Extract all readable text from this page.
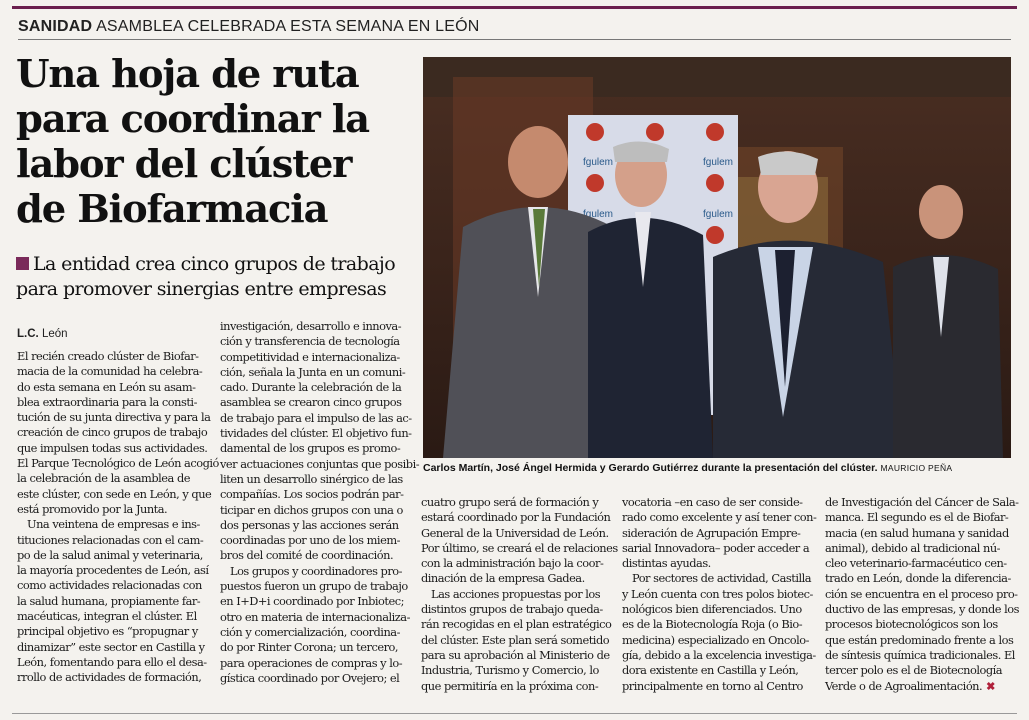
SANIDAD ASAMBLEA CELEBRADA ESTA SEMANA EN LEÓN
Una hoja de ruta
para coordinar la
labor del clúster
de Biofarmacia
La entidad crea cinco grupos de trabajo
para promover sinergias entre empresas
L.C. León
El recién creado clúster de Biofar-
macia de la comunidad ha celebra-
do esta semana en León su asam-
blea extraordinaria para la consti-
tución de su junta directiva y para la
creación de cinco grupos de trabajo
que impulsen todas sus actividades.
El Parque Tecnológico de León acogió
la celebración de la asamblea de
este clúster, con sede en León, y que
está promovido por la Junta.
Una veintena de empresas e ins-
tituciones relacionadas con el cam-
po de la salud animal y veterinaria,
la mayoría procedentes de León, así
como actividades relacionadas con
la salud humana, propiamente far-
macéuticas, integran el clúster. El
principal objetivo es “propugnar y
dinamizar” este sector en Castilla y
León, fomentando para ello el desa-
rrollo de actividades de formación,
investigación, desarrollo e innova-
ción y transferencia de tecnología
competitividad e internacionaliza-
ción, señala la Junta en un comuni-
cado. Durante la celebración de la
asamblea se crearon cinco grupos
de trabajo para el impulso de las ac-
tividades del clúster. El objetivo fun-
damental de los grupos es promo-
ver actuaciones conjuntas que posibi-
liten un desarrollo sinérgico de las
compañías. Los socios podrán par-
ticipar en dichos grupos con una o
dos personas y las acciones serán
coordinadas por uno de los miem-
bros del comité de coordinación.
Los grupos y coordinadores pro-
puestos fueron un grupo de trabajo
en I+D+i coordinado por Inbiotec;
otro en materia de internacionaliza-
ción y comercialización, coordina-
do por Rinter Corona; un tercero,
para operaciones de compras y lo-
gística coordinado por Ovejero; el
cuatro grupo será de formación y
estará coordinado por la Fundación
General de la Universidad de León.
Por último, se creará el de relaciones
con la administración bajo la coor-
dinación de la empresa Gadea.
Las acciones propuestas por los
distintos grupos de trabajo queda-
rán recogidas en el plan estratégico
del clúster. Este plan será sometido
para su aprobación al Ministerio de
Industria, Turismo y Comercio, lo
que permitiría en la próxima con-
vocatoria –en caso de ser conside-
rado como excelente y así tener con-
sideración de Agrupación Empre-
sarial Innovadora– poder acceder a
distintas ayudas.
Por sectores de actividad, Castilla
y León cuenta con tres polos biotec-
nológicos bien diferenciados. Uno
es de la Biotecnología Roja (o Bio-
medicina) especializado en Oncolo-
gía, debido a la excelencia investiga-
dora existente en Castilla y León,
principalmente en torno al Centro
de Investigación del Cáncer de Sala-
manca. El segundo es el de Biofar-
macia (en salud humana y sanidad
animal), debido al tradicional nú-
cleo veterinario-farmacéutico cen-
trado en León, donde la diferencia-
ción se encuentra en el proceso pro-
ductivo de las empresas, y donde los
procesos biotecnológicos son los
que están predominado frente a los
de síntesis química tradicionales. El
tercer polo es el de Biotecnología
Verde o de Agroalimentación. ✖
fgulem	fgulem
fgulem	fgulem
Carlos Martín, José Ángel Hermida y Gerardo Gutiérrez durante la presentación del clúster. MAURICIO PEÑA
